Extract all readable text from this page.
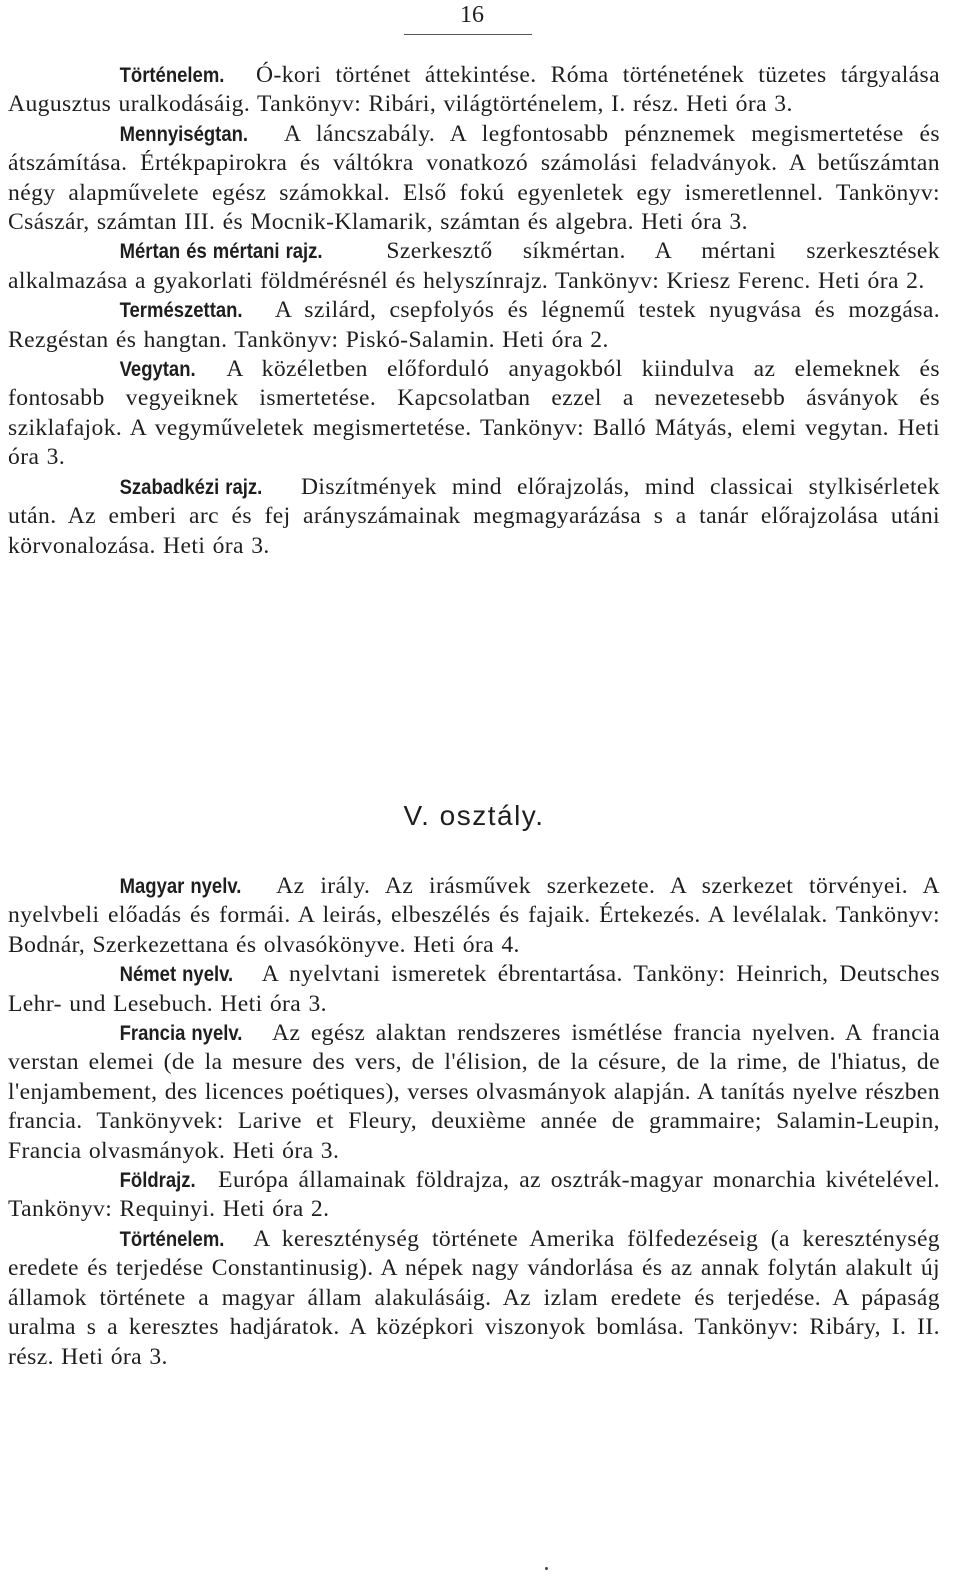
16

Történelem. Ó-kori történet áttekintése. Róma történetének tüzetes tárgyalása Augusztus uralkodásáig. Tankönyv: Ribári, világtörténelem, I. rész. Heti óra 3.

Mennyiségtan. A láncszabály. A legfontosabb pénznemek megismertetése és átszámítása. Értékpapirokra és váltókra vonatkozó számolási feladványok. A betűszámtan négy alapművelete egész számokkal. Első fokú egyenletek egy ismeretlennel. Tankönyv: Császár, számtan III. és Mocnik-Klamarik, számtan és algebra. Heti óra 3.

Mértan és mértani rajz.	Szerkesztő síkmértan. A mértani szerkesztések alkalmazása a gyakorlati földmérésnél és helyszínrajz. Tankönyv: Kriesz Ferenc. Heti óra 2.

Természettan. A szilárd, csepfolyós és légnemű testek nyugvása és mozgása. Rezgéstan és hangtan. Tankönyv: Piskó-Salamin. Heti óra 2.

Vegytan. A közéletben előforduló anyagokból kiindulva az elemeknek és fontosabb vegyeiknek ismertetése. Kapcsolatban ezzel a nevezetesebb ásványok és sziklafajok. A vegyműveletek megismertetése. Tankönyv: Balló Mátyás, elemi vegytan. Heti óra 3.

Szabadkézi rajz. Diszítmények mind előrajzolás, mind classicai stylkisérletek után. Az emberi arc és fej arányszámainak megmagyarázása s a tanár előrajzolása utáni körvonalozása. Heti óra 3.

V. osztály.

Magyar nyelv. Az irály. Az irásművek szerkezete. A szerkezet törvényei. A nyelvbeli előadás és formái. A leirás, elbeszélés és fajaik. Értekezés. A levélalak. Tankönyv: Bodnár, Szerkezettana és olvasókönyve. Heti óra 4.

Német nyelv. A nyelvtani ismeretek ébrentartása. Tanköny: Heinrich, Deutsches Lehr- und Lesebuch. Heti óra 3.

Francia nyelv. Az egész alaktan rendszeres ismétlése francia nyelven. A francia verstan elemei (de la mesure des vers, de l'élision, de la césure, de la rime, de l'hiatus, de l'enjambement, des licences poétiques), verses olvasmányok alapján. A tanítás nyelve részben francia. Tankönyvek: Larive et Fleury, deuxième année de grammaire; Salamin-Leupin, Francia olvasmányok. Heti óra 3.

Földrajz. Európa államainak földrajza, az osztrák-magyar monarchia kivételével. Tankönyv: Requinyi. Heti óra 2.

Történelem. A kereszténység története Amerika fölfedezéseig (a kereszténység eredete és terjedése Constantinusig). A népek nagy vándorlása és az annak folytán alakult új államok története a magyar állam alakulásáig. Az izlam eredete és terjedése. A pápaság uralma s a keresztes hadjáratok. A középkori viszonyok bomlása. Tankönyv: Ribáry, I. II. rész. Heti óra 3.
